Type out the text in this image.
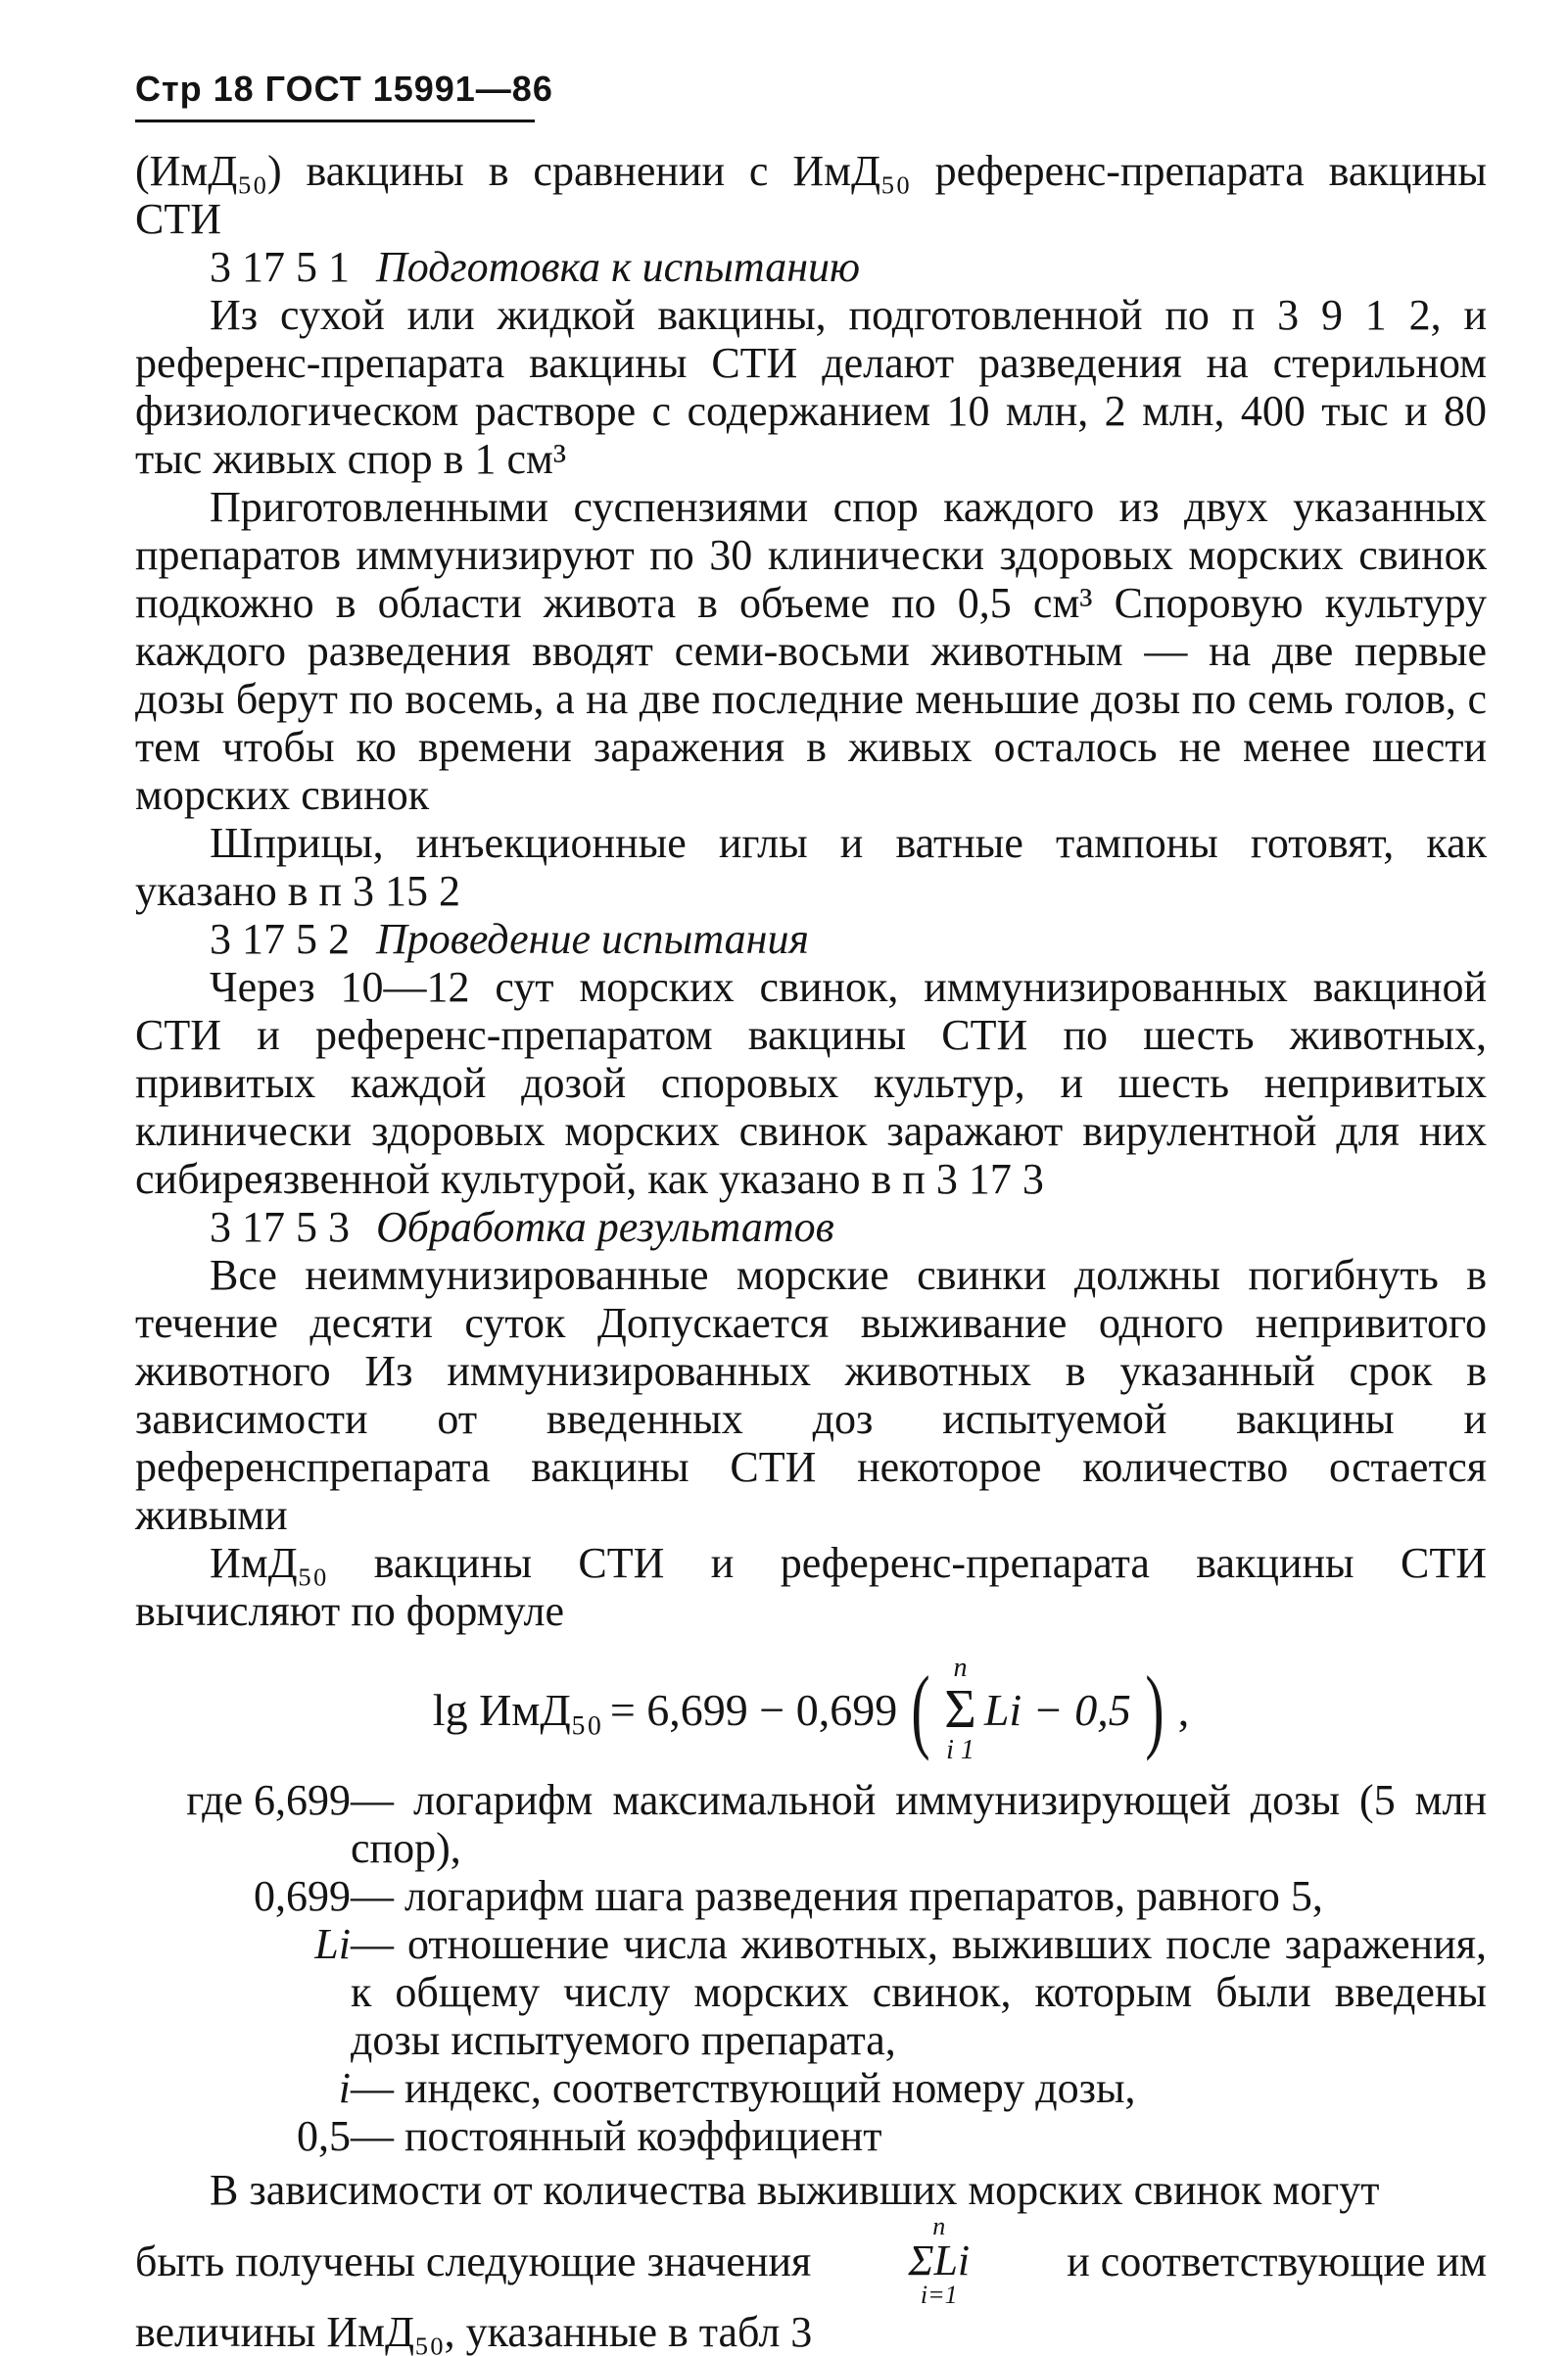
Стр 18 ГОСТ 15991—86

(ИмД₅₀) вакцины в сравнении с ИмД₅₀ референс-препарата вакцины СТИ

3 17 5 1 Подготовка к испытанию

Из сухой или жидкой вакцины, подготовленной по п 3 9 1 2, и референс-препарата вакцины СТИ делают разведения на стерильном физиологическом растворе с содержанием 10 млн, 2 млн, 400 тыс и 80 тыс живых спор в 1 см³

Приготовленными суспензиями спор каждого из двух указанных препаратов иммунизируют по 30 клинически здоровых морских свинок подкожно в области живота в объеме по 0,5 см³ Споровую культуру каждого разведения вводят семи-восьми животным — на две первые дозы берут по восемь, а на две последние меньшие дозы по семь голов, с тем чтобы ко времени заражения в живых осталось не менее шести морских свинок

Шприцы, инъекционные иглы и ватные тампоны готовят, как указано в п 3 15 2

3 17 5 2 Проведение испытания

Через 10—12 сут морских свинок, иммунизированных вакциной СТИ и референс-препаратом вакцины СТИ по шесть животных, привитых каждой дозой споровых культур, и шесть непривитых клинически здоровых морских свинок заражают вирулентной для них сибиреязвенной культурой, как указано в п 3 17 3

3 17 5 3 Обработка результатов

Все неиммунизированные морские свинки должны погибнуть в течение десяти суток Допускается выживание одного непривитого животного Из иммунизированных животных в указанный срок в зависимости от введенных доз испытуемой вакцины и референспрепарата вакцины СТИ некоторое количество остается живыми

ИмД₅₀ вакцины СТИ и референс-препарата вакцины СТИ вычисляют по формуле

lg ИмД₅₀ = 6,699 − 0,699 ( n
Σ
i 1
Li − 0,5 ) ,
где 6,699 — логарифм максимальной иммунизирующей дозы (5 млн спор),
0,699 — логарифм шага разведения препаратов, равного 5,
Li — отношение числа животных, выживших после заражения, к общему числу морских свинок, которым были введены дозы испытуемого препарата,
i — индекс, соответствующий номеру дозы,
0,5 — постоянный коэффициент

В зависимости от количества выживших морских свинок могут

быть получены следующие значения
n
ΣLi
i=1
и соответствующие им

величины ИмД₅₀, указанные в табл 3
